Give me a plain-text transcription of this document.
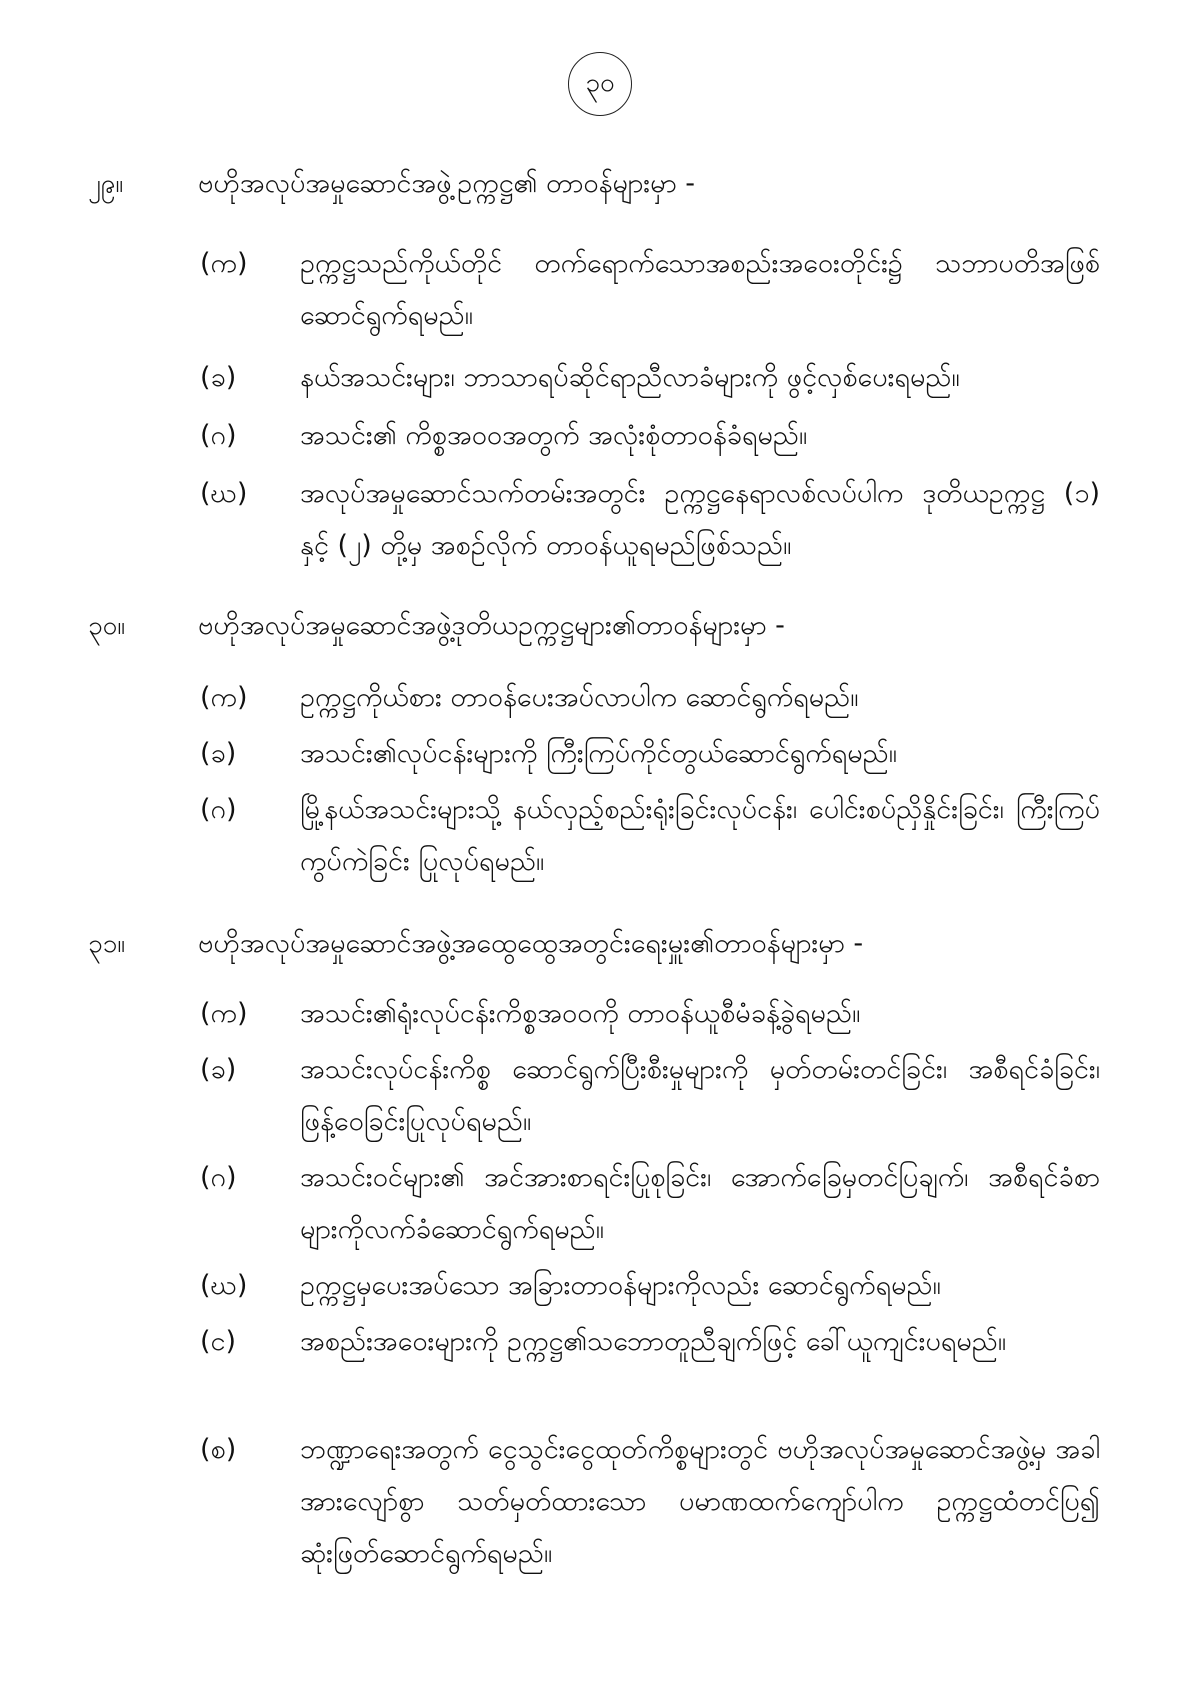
၃၀
၂၉။	ဗဟိုအလုပ်အမှုဆောင်အဖွဲ့ဥက္ကဋ္ဌ၏ တာဝန်များမှာ -
(က) ဥက္ကဋ္ဌသည်ကိုယ်တိုင် တက်ရောက်သောအစည်းအဝေးတိုင်း၌ သဘာပတိအဖြစ် ဆောင်ရွက်ရမည်။
(ခ) နယ်အသင်းများ၊ ဘာသာရပ်ဆိုင်ရာညီလာခံများကို ဖွင့်လှစ်ပေးရမည်။
(ဂ) အသင်း၏ ကိစ္စအဝဝအတွက် အလုံးစုံတာဝန်ခံရမည်။
(ဃ) အလုပ်အမှုဆောင်သက်တမ်းအတွင်း ဥက္ကဋ္ဌနေရာလစ်လပ်ပါက ဒုတိယဥက္ကဋ္ဌ (၁) နှင့် (၂) တို့မှ အစဉ်လိုက် တာဝန်ယူရမည်ဖြစ်သည်။
၃၀။	ဗဟိုအလုပ်အမှုဆောင်အဖွဲ့ဒုတိယဥက္ကဋ္ဌများ၏တာဝန်များမှာ -
(က) ဥက္ကဋ္ဌကိုယ်စား တာဝန်ပေးအပ်လာပါက ဆောင်ရွက်ရမည်။
(ခ) အသင်း၏လုပ်ငန်းများကို ကြီးကြပ်ကိုင်တွယ်ဆောင်ရွက်ရမည်။
(ဂ) မြို့နယ်အသင်းများသို့ နယ်လှည့်စည်းရုံးခြင်းလုပ်ငန်း၊ ပေါင်းစပ်ညှိနှိုင်းခြင်း၊ ကြီးကြပ်ကွပ်ကဲခြင်း ပြုလုပ်ရမည်။
၃၁။	ဗဟိုအလုပ်အမှုဆောင်အဖွဲ့အထွေထွေအတွင်းရေးမှူး၏တာဝန်များမှာ -
(က) အသင်း၏ရုံးလုပ်ငန်းကိစ္စအဝဝကို တာဝန်ယူစီမံခန့်ခွဲရမည်။
(ခ) အသင်းလုပ်ငန်းကိစ္စ ဆောင်ရွက်ပြီးစီးမှုများကို မှတ်တမ်းတင်ခြင်း၊ အစီရင်ခံခြင်း၊ ဖြန့်ဝေခြင်းပြုလုပ်ရမည်။
(ဂ) အသင်းဝင်များ၏ အင်အားစာရင်းပြုစုခြင်း၊ အောက်ခြေမှတင်ပြချက်၊ အစီရင်ခံစာများကိုလက်ခံဆောင်ရွက်ရမည်။
(ဃ) ဥက္ကဋ္ဌမှပေးအပ်သော အခြားတာဝန်များကိုလည်း ဆောင်ရွက်ရမည်။
(င) အစည်းအဝေးများကို ဥက္ကဋ္ဌ၏သဘောတူညီချက်ဖြင့် ခေါ်ယူကျင်းပရမည်။
(စ) ဘဏ္ဍာရေးအတွက် ငွေသွင်းငွေထုတ်ကိစ္စများတွင် ဗဟိုအလုပ်အမှုဆောင်အဖွဲ့မှ အခါအားလျော်စွာ သတ်မှတ်ထားသော ပမာဏထက်ကျော်ပါက ဥက္ကဋ္ဌထံတင်ပြ၍ ဆုံးဖြတ်ဆောင်ရွက်ရမည်။
